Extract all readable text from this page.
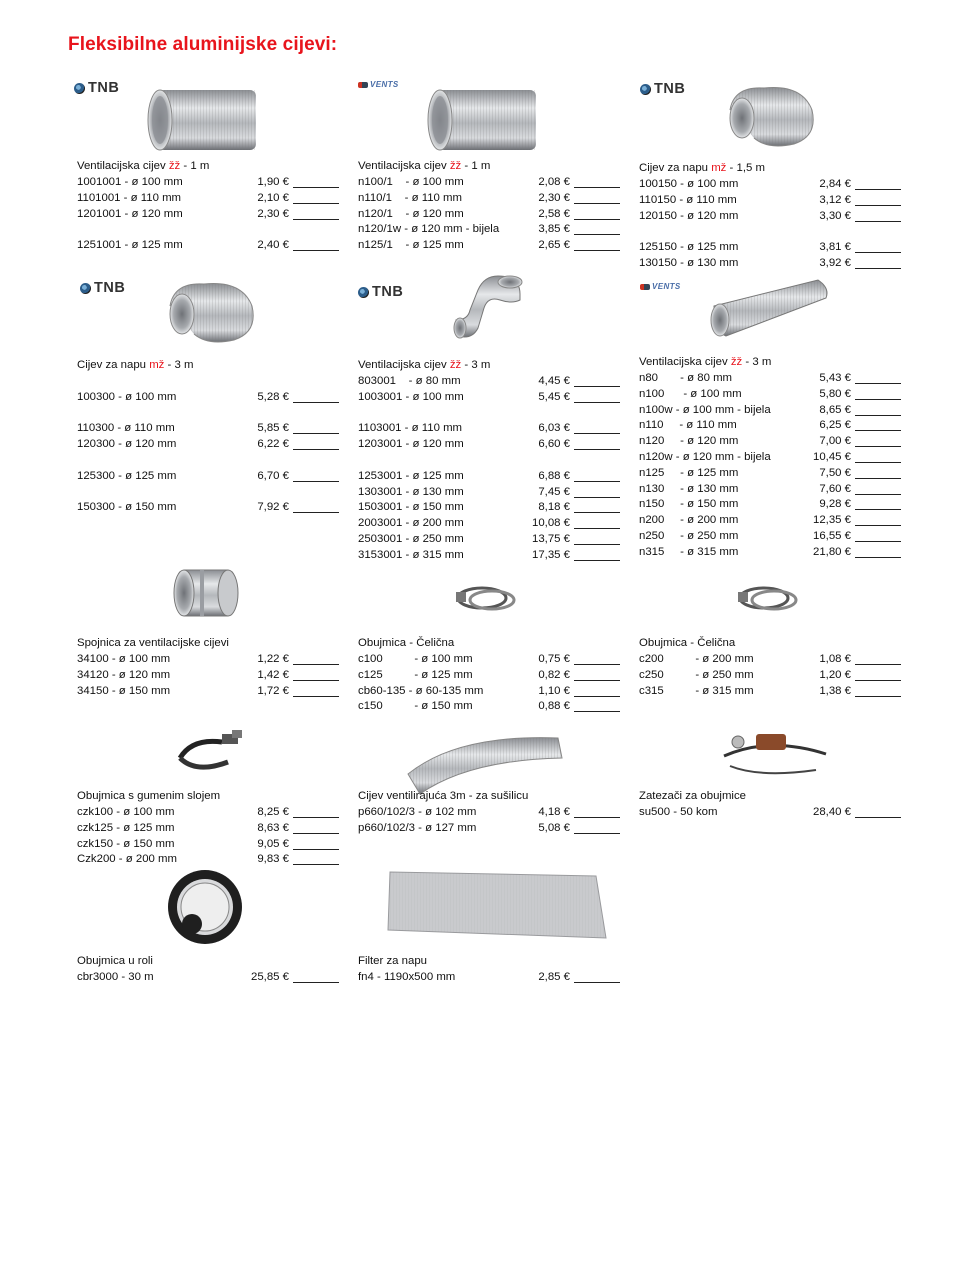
Fleksibilne aluminijske cijevi:
TNB	VENTS	TNB
Ventilacijska cijev žž - 1 m
1001001 - ø 100 mm	1,90 €
1101001 - ø 110 mm	2,10 €
1201001 - ø 120 mm	2,30 €
1251001 - ø 125 mm	2,40 €
Ventilacijska cijev žž - 1 m
n100/1    - ø 100 mm	2,08 €
n110/1    - ø 110 mm	2,30 €
n120/1    - ø 120 mm	2,58 €
n120/1w - ø 120 mm - bijela	3,85 €
n125/1    - ø 125 mm	2,65 €
Cijev za napu mž - 1,5 m
100150 - ø 100 mm	2,84 €
110150 - ø 110 mm	3,12 €
120150 - ø 120 mm	3,30 €
125150 - ø 125 mm	3,81 €
130150 - ø 130 mm	3,92 €
TNB	TNB	VENTS
Cijev za napu mž - 3 m
100300 - ø 100 mm	5,28 €
110300 - ø 110 mm	5,85 €
120300 - ø 120 mm	6,22 €
125300 - ø 125 mm	6,70 €
150300 - ø 150 mm	7,92 €
Ventilacijska cijev žž - 3 m
803001    - ø 80 mm	4,45 €
1003001 - ø 100 mm	5,45 €
1103001 - ø 110 mm	6,03 €
1203001 - ø 120 mm	6,60 €
1253001 - ø 125 mm	6,88 €
1303001 - ø 130 mm	7,45 €
1503001 - ø 150 mm	8,18 €
2003001 - ø 200 mm	10,08 €
2503001 - ø 250 mm	13,75 €
3153001 - ø 315 mm	17,35 €
Ventilacijska cijev žž - 3 m
n80       - ø 80 mm	5,43 €
n100      - ø 100 mm	5,80 €
n100w - ø 100 mm - bijela	8,65 €
n110     - ø 110 mm	6,25 €
n120     - ø 120 mm	7,00 €
n120w - ø 120 mm - bijela	10,45 €
n125     - ø 125 mm	7,50 €
n130     - ø 130 mm	7,60 €
n150     - ø 150 mm	9,28 €
n200     - ø 200 mm	12,35 €
n250     - ø 250 mm	16,55 €
n315     - ø 315 mm	21,80 €
Spojnica za ventilacijske cijevi
34100 - ø 100 mm	1,22 €
34120 - ø 120 mm	1,42 €
34150 - ø 150 mm	1,72 €
Obujmica - Čelična
c100          - ø 100 mm	0,75 €
c125          - ø 125 mm	0,82 €
cb60-135 - ø 60-135 mm	1,10 €
c150          - ø 150 mm	0,88 €
Obujmica - Čelična
c200          - ø 200 mm	1,08 €
c250          - ø 250 mm	1,20 €
c315          - ø 315 mm	1,38 €
Obujmica s gumenim slojem
czk100 - ø 100 mm	8,25 €
czk125 - ø 125 mm	8,63 €
czk150 - ø 150 mm	9,05 €
Czk200 - ø 200 mm	9,83 €
Cijev ventilirajuća 3m - za sušilicu
p660/102/3 - ø 102 mm	4,18 €
p660/102/3 - ø 127 mm	5,08 €
Zatezači za obujmice
su500 - 50 kom	28,40 €
Obujmica u roli
cbr3000 - 30 m	25,85 €
Filter za napu
fn4 - 1190x500 mm	2,85 €
